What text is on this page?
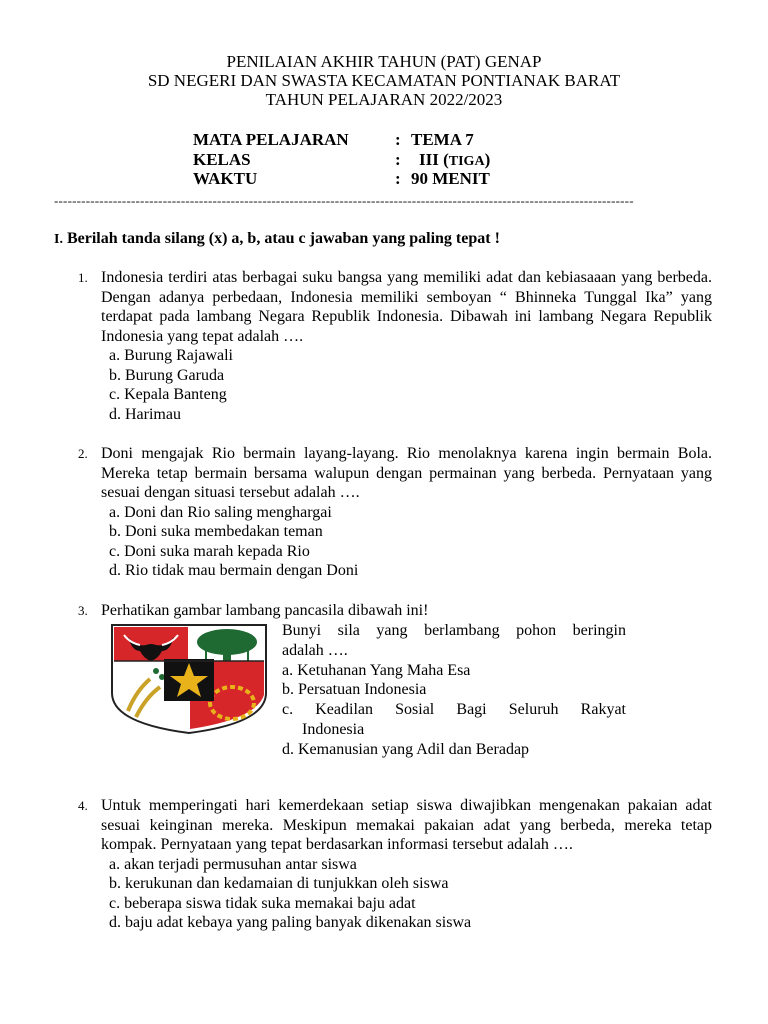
PENILAIAN AKHIR TAHUN (PAT) GENAP
SD NEGERI DAN SWASTA KECAMATAN PONTIANAK BARAT
TAHUN PELAJARAN 2022/2023
MATA PELAJARAN	: TEMA 7
KELAS	: III (TIGA)
WAKTU	: 90 MENIT
--------------------------------------------------------------------------------------------------------------------------------
I. Berilah tanda silang (x) a, b, atau c jawaban yang paling tepat !
1. Indonesia terdiri atas berbagai suku bangsa yang memiliki adat dan kebiasaaan yang berbeda. Dengan adanya perbedaan, Indonesia memiliki semboyan “ Bhinneka Tunggal Ika” yang terdapat pada lambang Negara Republik Indonesia. Dibawah ini lambang Negara Republik Indonesia yang tepat adalah ….
a. Burung Rajawali
b. Burung Garuda
c. Kepala Banteng
d. Harimau
2. Doni mengajak Rio bermain layang-layang. Rio menolaknya karena ingin bermain Bola. Mereka tetap bermain bersama walupun dengan permainan yang berbeda. Pernyataan yang sesuai dengan situasi tersebut adalah ….
a. Doni dan Rio saling menghargai
b. Doni suka membedakan teman
c. Doni suka marah kepada Rio
d. Rio tidak mau bermain dengan Doni
3. Perhatikan gambar lambang pancasila dibawah ini!
Bunyi sila yang berlambang pohon beringin
adalah ….
a. Ketuhanan Yang Maha Esa
b. Persatuan Indonesia
c. Keadilan Sosial Bagi Seluruh Rakyat
Indonesia
d. Kemanusian yang Adil dan Beradap
4. Untuk memperingati hari kemerdekaan setiap siswa diwajibkan mengenakan pakaian adat sesuai keinginan mereka. Meskipun memakai pakaian adat yang berbeda, mereka tetap kompak. Pernyataan yang tepat berdasarkan informasi tersebut adalah ….
a. akan terjadi permusuhan antar siswa
b. kerukunan dan kedamaian di tunjukkan oleh siswa
c. beberapa siswa tidak suka memakai baju adat
d. baju adat kebaya yang paling banyak dikenakan siswa
